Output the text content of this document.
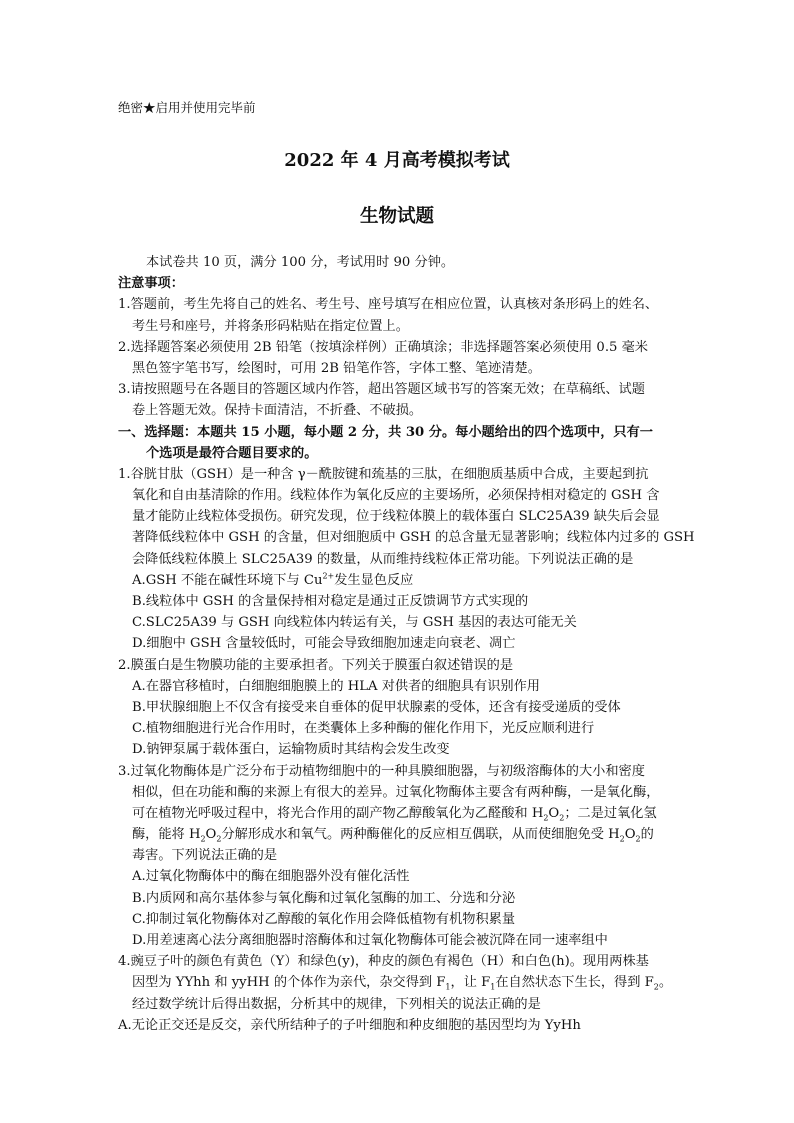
绝密★启用并使用完毕前
2022 年 4 月高考模拟考试
生物试题
本试卷共 10 页，满分 100 分，考试用时 90 分钟。
注意事项：
1.答题前，考生先将自己的姓名、考生号、座号填写在相应位置，认真核对条形码上的姓名、
考生号和座号，并将条形码粘贴在指定位置上。
2.选择题答案必须使用 2B 铅笔（按填涂样例）正确填涂；非选择题答案必须使用 0.5 毫米
黑色签字笔书写，绘图时，可用 2B 铅笔作答，字体工整、笔迹清楚。
3.请按照题号在各题目的答题区域内作答，超出答题区域书写的答案无效；在草稿纸、试题
卷上答题无效。保持卡面清洁，不折叠、不破损。
一、选择题：本题共 15 小题，每小题 2 分，共 30 分。每小题给出的四个选项中，只有一
个选项是最符合题目要求的。
1.谷胱甘肽（GSH）是一种含 γ－酰胺键和巯基的三肽，在细胞质基质中合成，主要起到抗
氧化和自由基清除的作用。线粒体作为氧化反应的主要场所，必须保持相对稳定的 GSH 含
量才能防止线粒体受损伤。研究发现，位于线粒体膜上的载体蛋白 SLC25A39 缺失后会显
著降低线粒体中 GSH 的含量，但对细胞质中 GSH 的总含量无显著影响；线粒体内过多的 GSH
会降低线粒体膜上 SLC25A39 的数量，从而维持线粒体正常功能。下列说法正确的是
A.GSH 不能在碱性环境下与 $Cu^{2+}$发生显色反应
B.线粒体中 GSH 的含量保持相对稳定是通过正反馈调节方式实现的
C.SLC25A39 与 GSH 向线粒体内转运有关，与 GSH 基因的表达可能无关
D.细胞中 GSH 含量较低时，可能会导致细胞加速走向衰老、凋亡
2.膜蛋白是生物膜功能的主要承担者。下列关于膜蛋白叙述错误的是
A.在器官移植时，白细胞细胞膜上的 HLA 对供者的细胞具有识别作用
B.甲状腺细胞上不仅含有接受来自垂体的促甲状腺素的受体，还含有接受递质的受体
C.植物细胞进行光合作用时，在类囊体上多种酶的催化作用下，光反应顺利进行
D.钠钾泵属于载体蛋白，运输物质时其结构会发生改变
3.过氧化物酶体是广泛分布于动植物细胞中的一种具膜细胞器，与初级溶酶体的大小和密度
相似，但在功能和酶的来源上有很大的差异。过氧化物酶体主要含有两种酶，一是氧化酶，
可在植物光呼吸过程中，将光合作用的副产物乙醇酸氧化为乙醛酸和 $H_2O_2$；二是过氧化氢
酶，能将 $H_2O_2$分解形成水和氧气。两种酶催化的反应相互偶联，从而使细胞免受 $H_2O_2$的
毒害。下列说法正确的是
A.过氧化物酶体中的酶在细胞器外没有催化活性
B.内质网和高尔基体参与氧化酶和过氧化氢酶的加工、分选和分泌
C.抑制过氧化物酶体对乙醇酸的氧化作用会降低植物有机物积累量
D.用差速离心法分离细胞器时溶酶体和过氧化物酶体可能会被沉降在同一速率组中
4.豌豆子叶的颜色有黄色（Y）和绿色(y)，种皮的颜色有褐色（H）和白色(h)。现用两株基
因型为 YYhh 和 yyHH 的个体作为亲代，杂交得到 $F_1$，让 $F_1$在自然状态下生长，得到 $F_2$。
经过数学统计后得出数据，分析其中的规律，下列相关的说法正确的是
A.无论正交还是反交，亲代所结种子的子叶细胞和种皮细胞的基因型均为 YyHh
